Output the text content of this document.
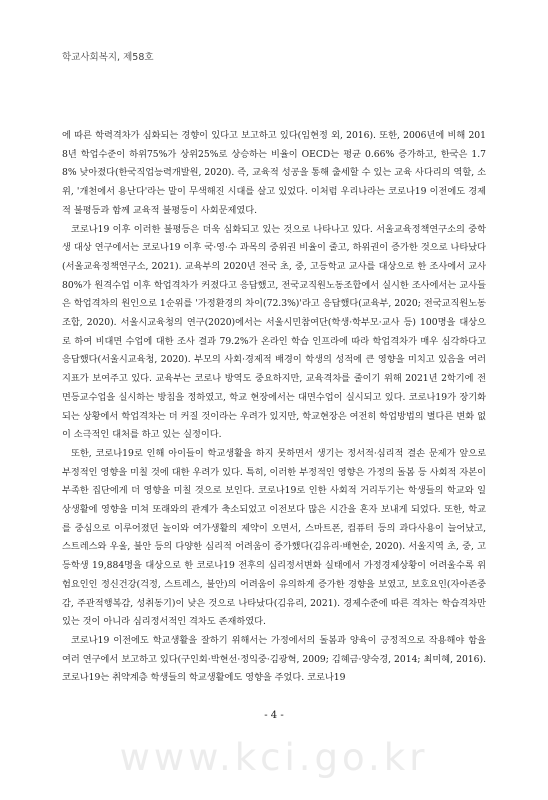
학교사회복지, 제58호

에 따른 학력격차가 심화되는 경향이 있다고 보고하고 있다(임현정 외, 2016). 또한, 2006년에 비해 2018년 학업수준이 하위75%가 상위25%로 상승하는 비율이 OECD는 평균 0.66% 증가하고, 한국은 1.78% 낮아졌다(한국직업능력개발원, 2020). 즉, 교육적 성공을 통해 출세할 수 있는 교육 사다리의 역할, 소위, '개천에서 용난다'라는 말이 무색해진 시대를 살고 있었다. 이처럼 우리나라는 코로나19 이전에도 경제적 불평등과 함께 교육적 불평등이 사회문제였다.

코로나19 이후 이러한 불평등은 더욱 심화되고 있는 것으로 나타나고 있다. 서울교육정책연구소의 중학생 대상 연구에서는 코로나19 이후 국·영·수 과목의 중위권 비율이 줄고, 하위권이 증가한 것으로 나타났다(서울교육정책연구소, 2021). 교육부의 2020년 전국 초, 중, 고등학교 교사를 대상으로 한 조사에서 교사 80%가 원격수업 이후 학업격차가 커졌다고 응답했고, 전국교직원노동조합에서 실시한 조사에서는 교사들은 학업격차의 원인으로 1순위를 '가정환경의 차이(72.3%)'라고 응답했다(교육부, 2020; 전국교직원노동조합, 2020). 서울시교육청의 연구(2020)에서는 서울시민참여단(학생·학부모·교사 등) 100명을 대상으로 하여 비대면 수업에 대한 조사 결과 79.2%가 온라인 학습 인프라에 따라 학업격차가 매우 심각하다고 응답했다(서울시교육청, 2020). 부모의 사회·경제적 배경이 학생의 성적에 큰 영향을 미치고 있음을 여러 지표가 보여주고 있다. 교육부는 코로나 방역도 중요하지만, 교육격차를 줄이기 위해 2021년 2학기에 전면등교수업을 실시하는 방침을 정하였고, 학교 현장에서는 대면수업이 실시되고 있다. 코로나19가 장기화되는 상황에서 학업격차는 더 커질 것이라는 우려가 있지만, 학교현장은 여전히 학업방법의 별다른 변화 없이 소극적인 대처를 하고 있는 실정이다.

또한, 코로나19로 인해 아이들이 학교생활을 하지 못하면서 생기는 정서적·심리적 결손 문제가 앞으로 부정적인 영향을 미칠 것에 대한 우려가 있다. 특히, 이러한 부정적인 영향은 가정의 돌봄 등 사회적 자본이 부족한 집단에게 더 영향을 미칠 것으로 보인다. 코로나19로 인한 사회적 거리두기는 학생들의 학교와 일상생활에 영향을 미쳐 또래와의 관계가 축소되었고 이전보다 많은 시간을 혼자 보내게 되었다. 또한, 학교를 중심으로 이루어졌던 놀이와 여가생활의 제약이 오면서, 스마트폰, 컴퓨터 등의 과다사용이 늘어났고, 스트레스와 우울, 불안 등의 다양한 심리적 어려움이 증가했다(김유리·배현순, 2020). 서울지역 초, 중, 고등학생 19,884명을 대상으로 한 코로나19 전후의 심리정서변화 실태에서 가정경제상황이 어려울수록 위험요인인 정신건강(걱정, 스트레스, 불안)의 어려움이 유의하게 증가한 경향을 보였고, 보호요인(자아존중감, 주관적행복감, 성취동기)이 낮은 것으로 나타났다(김유리, 2021). 경제수준에 따른 격차는 학습격차만 있는 것이 아니라 심리정서적인 격차도 존재하였다.

코로나19 이전에도 학교생활을 잘하기 위해서는 가정에서의 돌봄과 양육이 긍정적으로 작용해야 함을 여러 연구에서 보고하고 있다(구인회·박현선·정익중·김광혁, 2009; 김혜금·양숙경, 2014; 최미혜, 2016). 코로나19는 취약계층 학생들의 학교생활에도 영향을 주었다. 코로나19

- 4 -
www.kci.go.kr
